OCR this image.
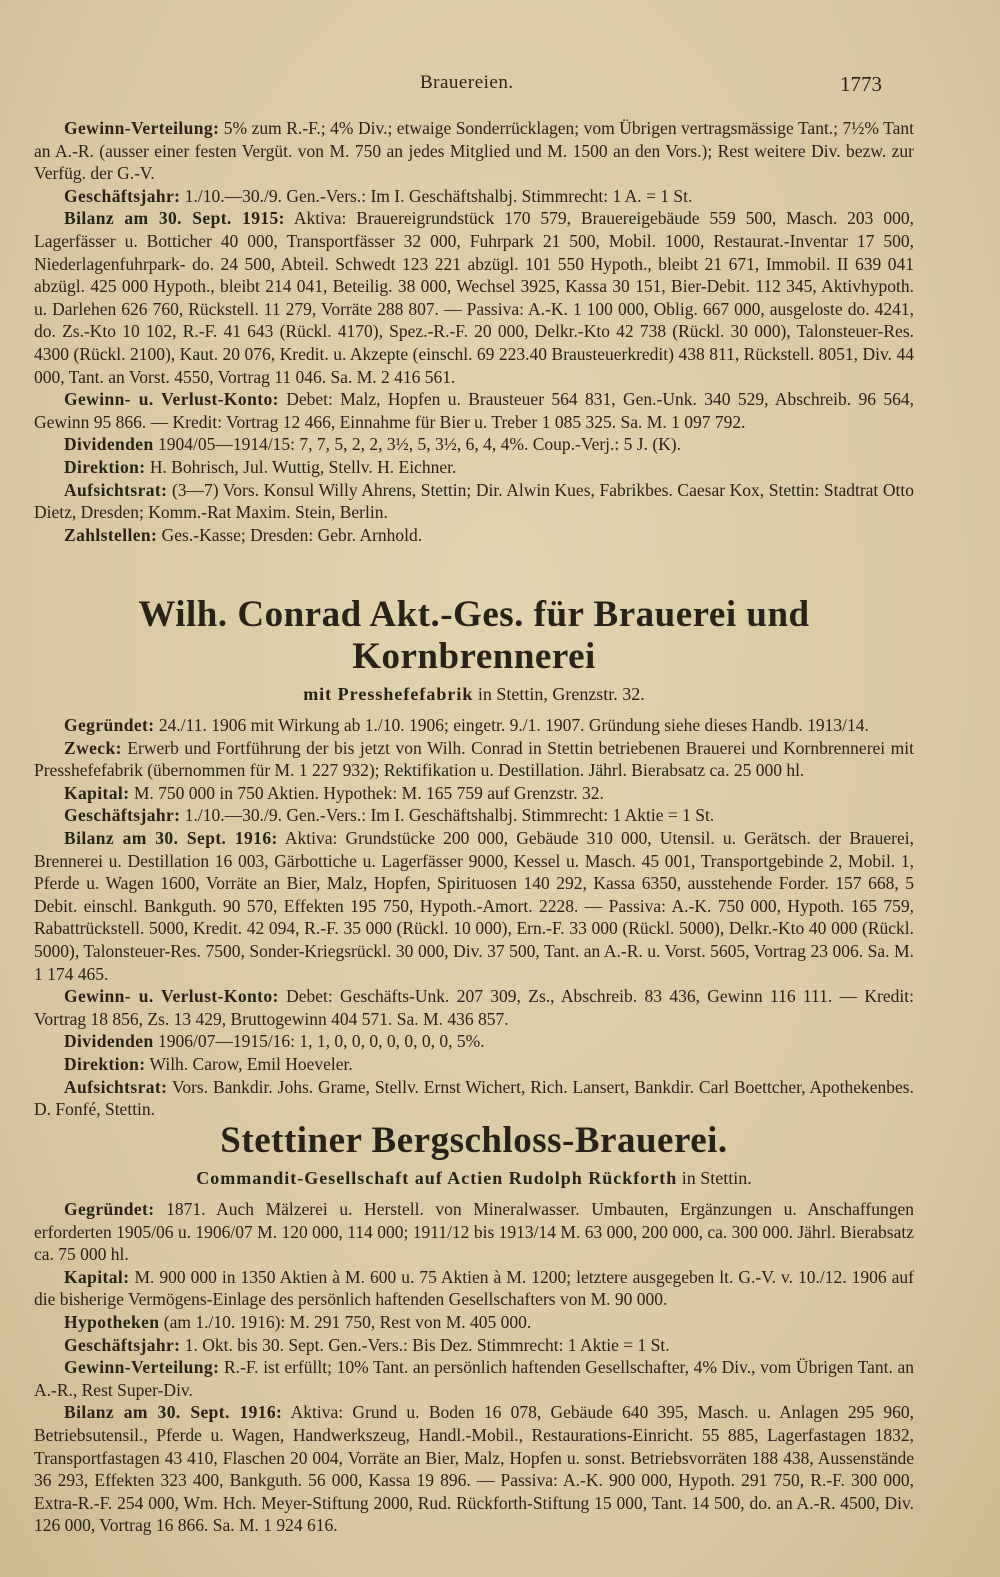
Brauereien.	1773

Gewinn-Verteilung: 5% zum R.-F.; 4% Div.; etwaige Sonderrücklagen; vom Übrigen vertragsmässige Tant.; 7½% Tant an A.-R. (ausser einer festen Vergüt. von M. 750 an jedes Mitglied und M. 1500 an den Vors.); Rest weitere Div. bezw. zur Verfüg. der G.-V.

Geschäftsjahr: 1./10.—30./9. Gen.-Vers.: Im I. Geschäftshalbj. Stimmrecht: 1 A. = 1 St.

Bilanz am 30. Sept. 1915: Aktiva: Brauereigrundstück 170 579, Brauereigebäude 559 500, Masch. 203 000, Lagerfässer u. Botticher 40 000, Transportfässer 32 000, Fuhrpark 21 500, Mobil. 1000, Restaurat.-Inventar 17 500, Niederlagenfuhrpark- do. 24 500, Abteil. Schwedt 123 221 abzügl. 101 550 Hypoth., bleibt 21 671, Immobil. II 639 041 abzügl. 425 000 Hypoth., bleibt 214 041, Beteilig. 38 000, Wechsel 3925, Kassa 30 151, Bier-Debit. 112 345, Aktivhypoth. u. Darlehen 626 760, Rückstell. 11 279, Vorräte 288 807. — Passiva: A.-K. 1 100 000, Oblig. 667 000, ausgeloste do. 4241, do. Zs.-Kto 10 102, R.-F. 41 643 (Rückl. 4170), Spez.-R.-F. 20 000, Delkr.-Kto 42 738 (Rückl. 30 000), Talonsteuer-Res. 4300 (Rückl. 2100), Kaut. 20 076, Kredit. u. Akzepte (einschl. 69 223.40 Brausteuerkredit) 438 811, Rückstell. 8051, Div. 44 000, Tant. an Vorst. 4550, Vortrag 11 046. Sa. M. 2 416 561.

Gewinn- u. Verlust-Konto: Debet: Malz, Hopfen u. Brausteuer 564 831, Gen.-Unk. 340 529, Abschreib. 96 564, Gewinn 95 866. — Kredit: Vortrag 12 466, Einnahme für Bier u. Treber 1 085 325. Sa. M. 1 097 792.

Dividenden 1904/05—1914/15: 7, 7, 5, 2, 2, 3½, 5, 3½, 6, 4, 4%. Coup.-Verj.: 5 J. (K).

Direktion: H. Bohrisch, Jul. Wuttig, Stellv. H. Eichner.

Aufsichtsrat: (3—7) Vors. Konsul Willy Ahrens, Stettin; Dir. Alwin Kues, Fabrikbes. Caesar Kox, Stettin: Stadtrat Otto Dietz, Dresden; Komm.-Rat Maxim. Stein, Berlin.

Zahlstellen: Ges.-Kasse; Dresden: Gebr. Arnhold.

Wilh. Conrad Akt.-Ges. für Brauerei und Kornbrennerei

mit Presshefefabrik in Stettin, Grenzstr. 32.

Gegründet: 24./11. 1906 mit Wirkung ab 1./10. 1906; eingetr. 9./1. 1907. Gründung siehe dieses Handb. 1913/14.

Zweck: Erwerb und Fortführung der bis jetzt von Wilh. Conrad in Stettin betriebenen Brauerei und Kornbrennerei mit Presshefefabrik (übernommen für M. 1 227 932); Rektifikation u. Destillation. Jährl. Bierabsatz ca. 25 000 hl.

Kapital: M. 750 000 in 750 Aktien. Hypothek: M. 165 759 auf Grenzstr. 32.

Geschäftsjahr: 1./10.—30./9. Gen.-Vers.: Im I. Geschäftshalbj. Stimmrecht: 1 Aktie = 1 St.

Bilanz am 30. Sept. 1916: Aktiva: Grundstücke 200 000, Gebäude 310 000, Utensil. u. Gerätsch. der Brauerei, Brennerei u. Destillation 16 003, Gärbottiche u. Lagerfässer 9000, Kessel u. Masch. 45 001, Transportgebinde 2, Mobil. 1, Pferde u. Wagen 1600, Vorräte an Bier, Malz, Hopfen, Spirituosen 140 292, Kassa 6350, ausstehende Forder. 157 668, 5 Debit. einschl. Bankguth. 90 570, Effekten 195 750, Hypoth.-Amort. 2228. — Passiva: A.-K. 750 000, Hypoth. 165 759, Rabattrückstell. 5000, Kredit. 42 094, R.-F. 35 000 (Rückl. 10 000), Ern.-F. 33 000 (Rückl. 5000), Delkr.-Kto 40 000 (Rückl. 5000), Talonsteuer-Res. 7500, Sonder-Kriegsrückl. 30 000, Div. 37 500, Tant. an A.-R. u. Vorst. 5605, Vortrag 23 006. Sa. M. 1 174 465.

Gewinn- u. Verlust-Konto: Debet: Geschäfts-Unk. 207 309, Zs., Abschreib. 83 436, Gewinn 116 111. — Kredit: Vortrag 18 856, Zs. 13 429, Bruttogewinn 404 571. Sa. M. 436 857.

Dividenden 1906/07—1915/16: 1, 1, 0, 0, 0, 0, 0, 0, 0, 5%.

Direktion: Wilh. Carow, Emil Hoeveler.

Aufsichtsrat: Vors. Bankdir. Johs. Grame, Stellv. Ernst Wichert, Rich. Lansert, Bankdir. Carl Boettcher, Apothekenbes. D. Fonfé, Stettin.

Stettiner Bergschloss-Brauerei.

Commandit-Gesellschaft auf Actien Rudolph Rückforth in Stettin.

Gegründet: 1871. Auch Mälzerei u. Herstell. von Mineralwasser. Umbauten, Ergänzungen u. Anschaffungen erforderten 1905/06 u. 1906/07 M. 120 000, 114 000; 1911/12 bis 1913/14 M. 63 000, 200 000, ca. 300 000. Jährl. Bierabsatz ca. 75 000 hl.

Kapital: M. 900 000 in 1350 Aktien à M. 600 u. 75 Aktien à M. 1200; letztere ausgegeben lt. G.-V. v. 10./12. 1906 auf die bisherige Vermögens-Einlage des persönlich haftenden Gesellschafters von M. 90 000.

Hypotheken (am 1./10. 1916): M. 291 750, Rest von M. 405 000.

Geschäftsjahr: 1. Okt. bis 30. Sept. Gen.-Vers.: Bis Dez. Stimmrecht: 1 Aktie = 1 St.

Gewinn-Verteilung: R.-F. ist erfüllt; 10% Tant. an persönlich haftenden Gesellschafter, 4% Div., vom Übrigen Tant. an A.-R., Rest Super-Div.

Bilanz am 30. Sept. 1916: Aktiva: Grund u. Boden 16 078, Gebäude 640 395, Masch. u. Anlagen 295 960, Betriebsutensil., Pferde u. Wagen, Handwerkszeug, Handl.-Mobil., Restaurations-Einricht. 55 885, Lagerfastagen 1832, Transportfastagen 43 410, Flaschen 20 004, Vorräte an Bier, Malz, Hopfen u. sonst. Betriebsvorräten 188 438, Aussenstände 36 293, Effekten 323 400, Bankguth. 56 000, Kassa 19 896. — Passiva: A.-K. 900 000, Hypoth. 291 750, R.-F. 300 000, Extra-R.-F. 254 000, Wm. Hch. Meyer-Stiftung 2000, Rud. Rückforth-Stiftung 15 000, Tant. 14 500, do. an A.-R. 4500, Div. 126 000, Vortrag 16 866. Sa. M. 1 924 616.
